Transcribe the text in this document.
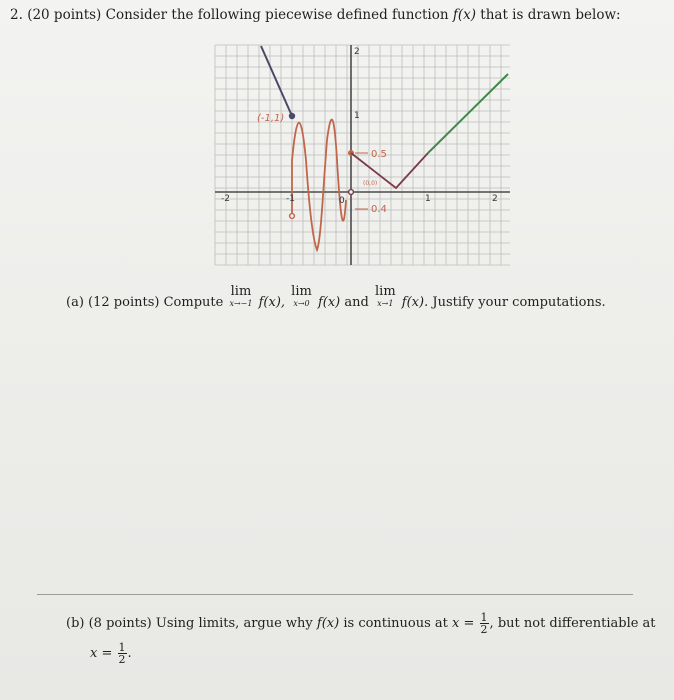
2. (20 points) Consider the following piecewise defined function f(x) that is drawn below:
(-1,1)
0.5
(0,0)
0.4
-2	-1	0	1	2
2
1
(a) (12 points) Compute
lim
x→−1 f(x),
lim
x→0 f(x) and
lim
x→1 f(x). Justify your computations.
(b) (8 points) Using limits, argue why f(x) is continuous at $x = \frac{1}{2}$ , but not differentiable at
$x = \frac{1}{2}$ .
